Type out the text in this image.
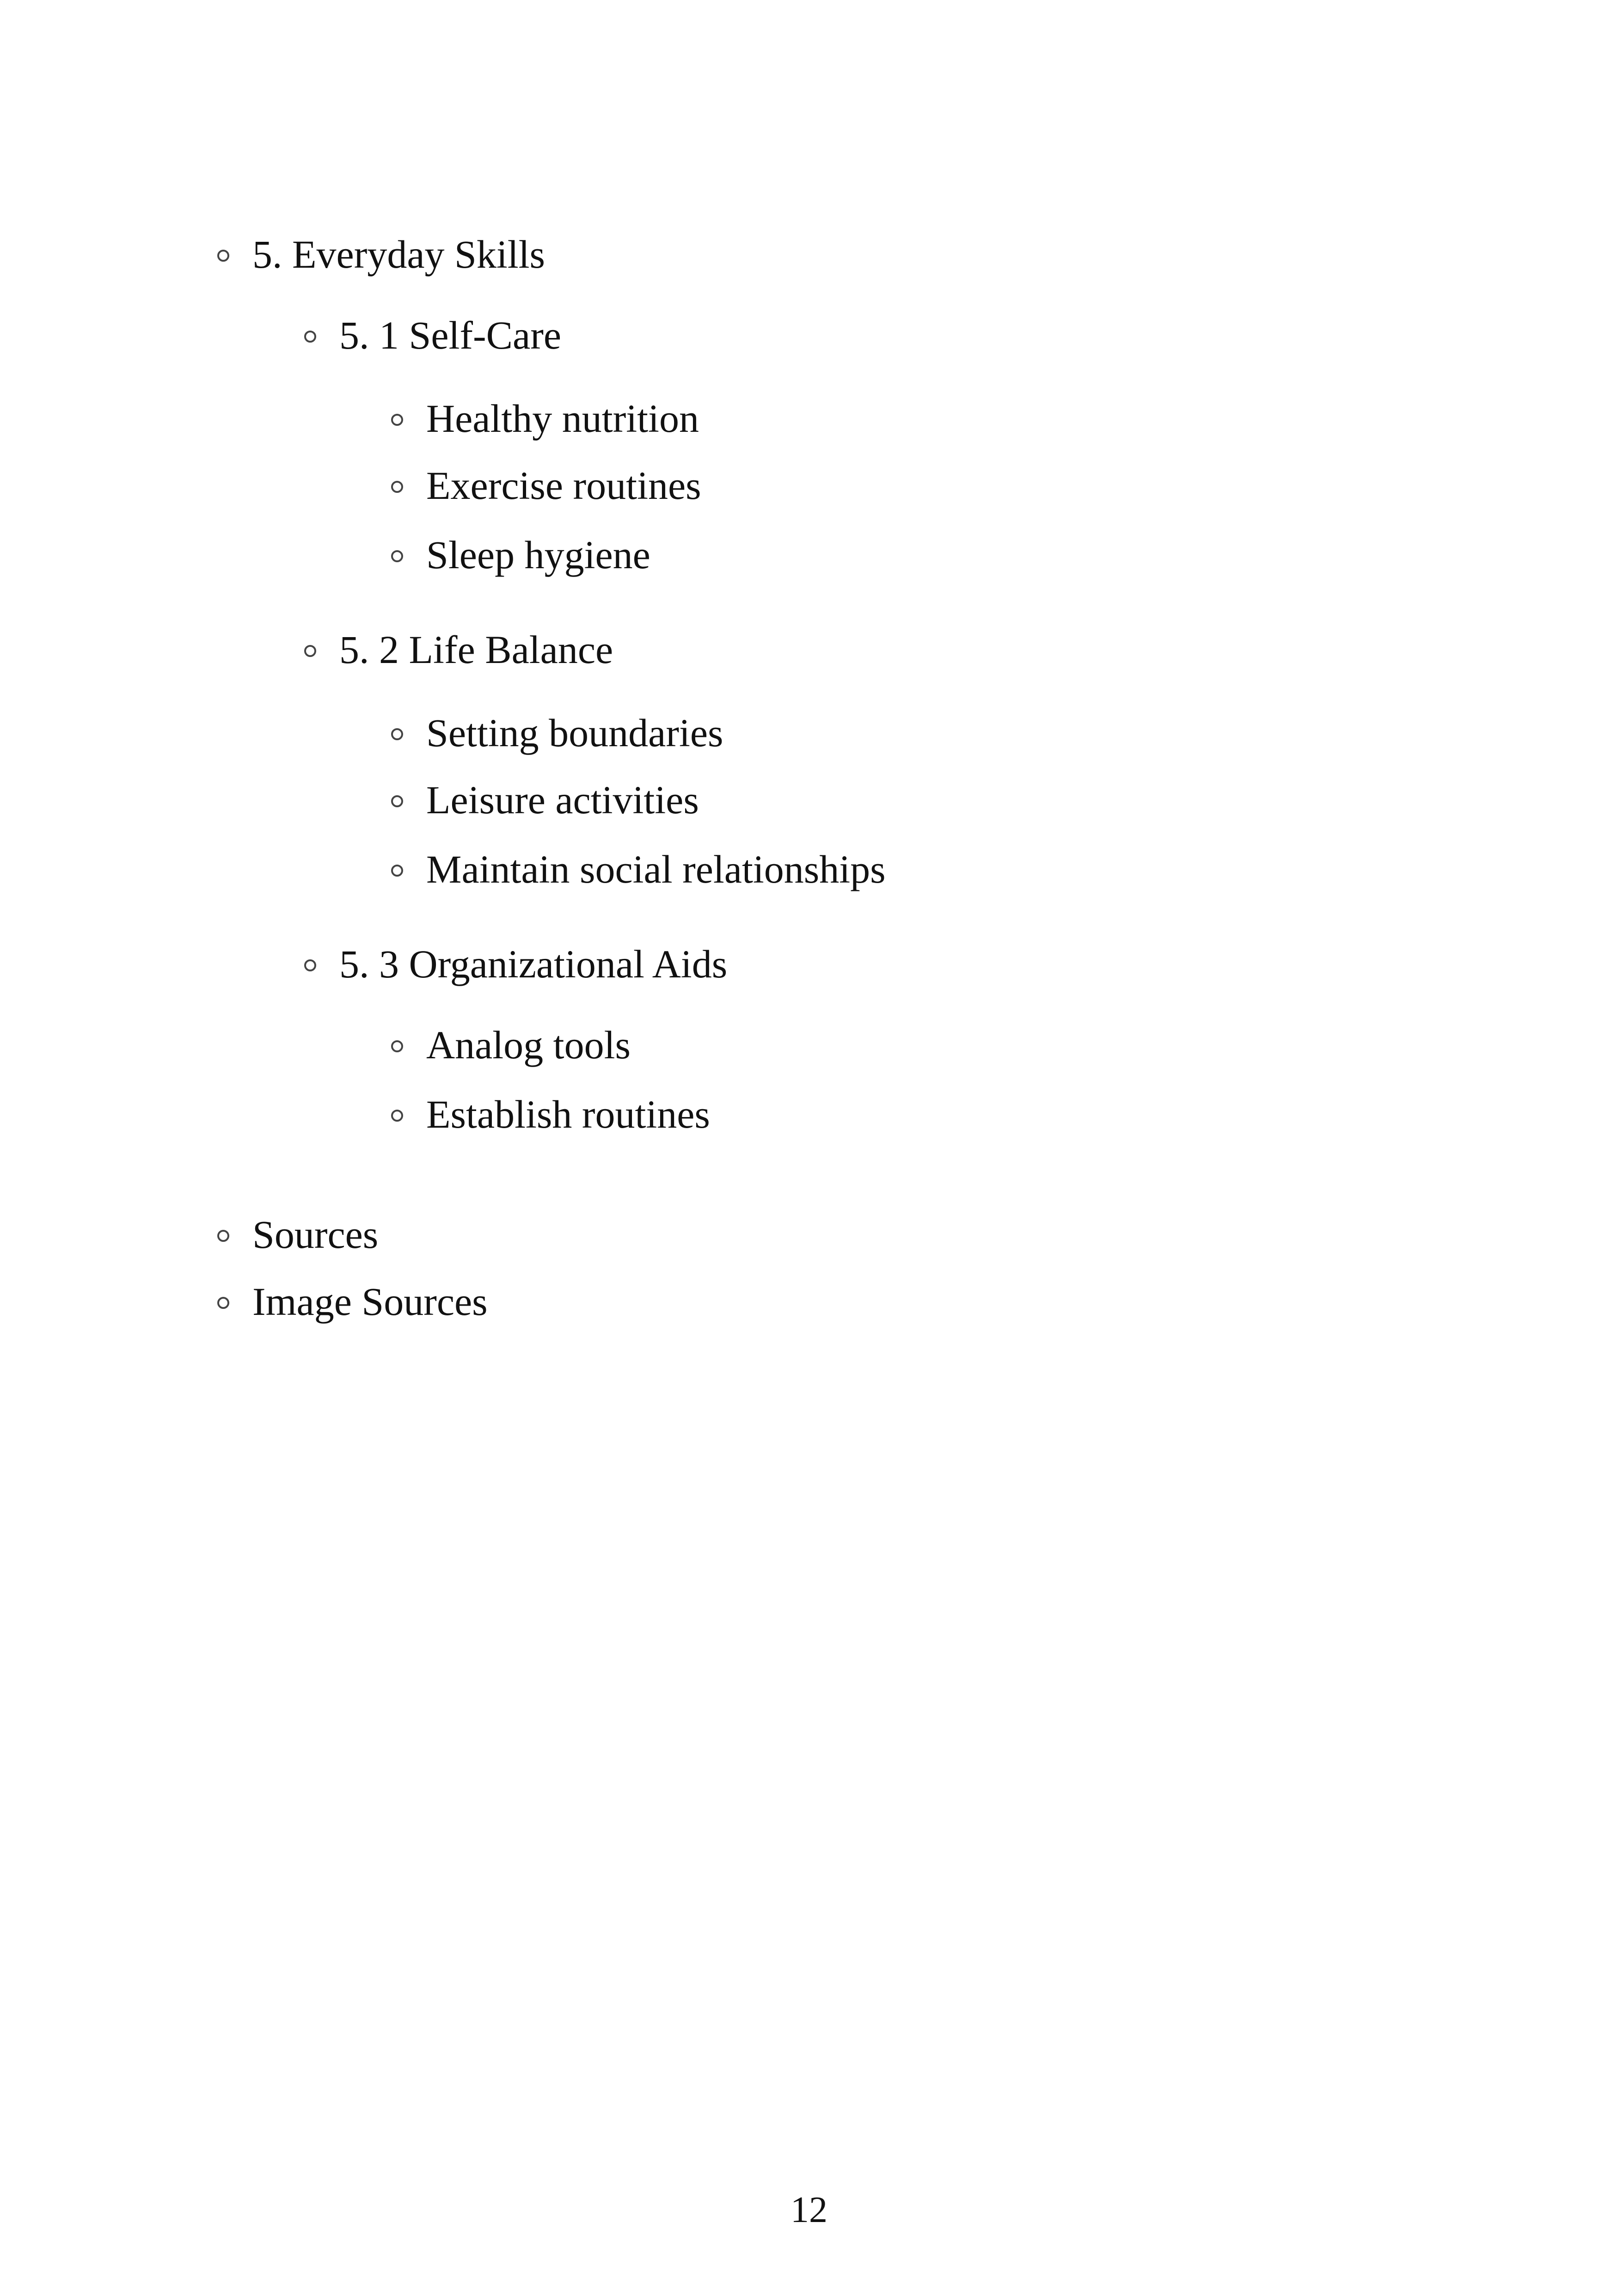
5. Everyday Skills
5. 1 Self-Care
Healthy nutrition
Exercise routines
Sleep hygiene
5. 2 Life Balance
Setting boundaries
Leisure activities
Maintain social relationships
5. 3 Organizational Aids
Analog tools
Establish routines
Sources
Image Sources
12
